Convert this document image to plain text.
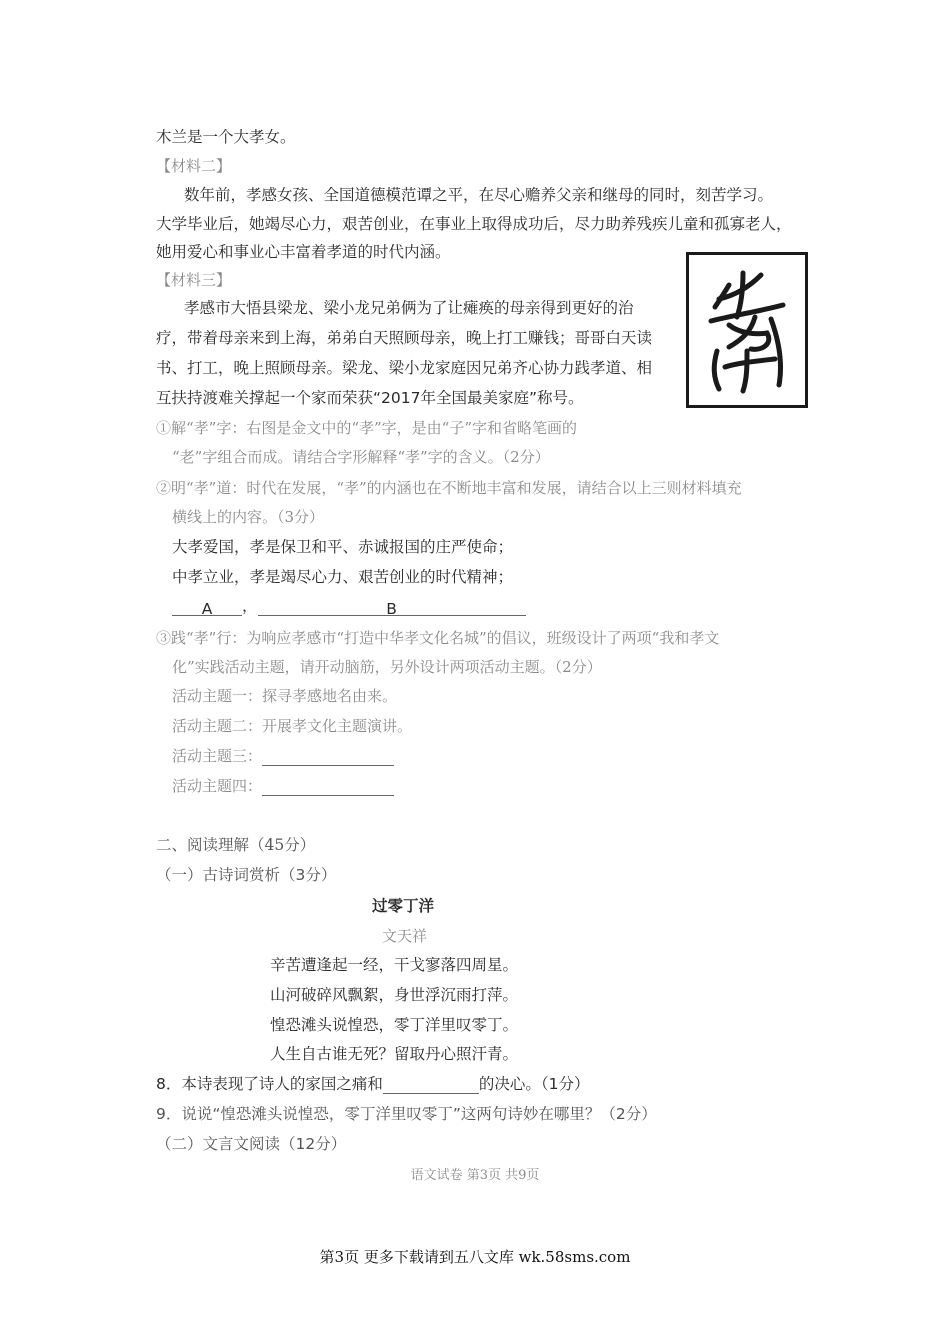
木兰是一个大孝女。
【材料二】
数年前，孝感女孩、全国道德模范谭之平，在尽心赡养父亲和继母的同时，刻苦学习。
大学毕业后，她竭尽心力，艰苦创业，在事业上取得成功后，尽力助养残疾儿童和孤寡老人，
她用爱心和事业心丰富着孝道的时代内涵。
【材料三】
孝感市大悟县梁龙、梁小龙兄弟俩为了让瘫痪的母亲得到更好的治
疗，带着母亲来到上海，弟弟白天照顾母亲，晚上打工赚钱；哥哥白天读
书、打工，晚上照顾母亲。梁龙、梁小龙家庭因兄弟齐心协力践孝道、相
互扶持渡难关撑起一个家而荣获“2017年全国最美家庭”称号。
①解“孝”字：右图是金文中的“孝”字，是由“子”字和省略笔画的
“老”字组合而成。请结合字形解释“孝”字的含义。（2分）
②明“孝”道：时代在发展，“孝”的内涵也在不断地丰富和发展，请结合以上三则材料填充
横线上的内容。（3分）
大孝爱国，孝是保卫和平、赤诚报国的庄严使命；
中孝立业，孝是竭尽心力、艰苦创业的时代精神；
A ，	B
③践“孝”行：为响应孝感市“打造中华孝文化名城”的倡议，班级设计了两项“我和孝文
化”实践活动主题，请开动脑筋，另外设计两项活动主题。（2分）
活动主题一：探寻孝感地名由来。
活动主题二：开展孝文化主题演讲。
活动主题三：
活动主题四：
二、阅读理解（45分）
（一）古诗词赏析（3分）
过零丁洋
文天祥
辛苦遭逢起一经，干戈寥落四周星。
山河破碎风飘絮，身世浮沉雨打萍。
惶恐滩头说惶恐，零丁洋里叹零丁。
人生自古谁无死？留取丹心照汗青。
8．本诗表现了诗人的家国之痛和	的决心。（1分）
9．说说“惶恐滩头说惶恐，零丁洋里叹零丁”这两句诗妙在哪里？（2分）
（二）文言文阅读（12分）
语文试卷 第3页 共9页
第3页 更多下载请到五八文库 wk.58sms.com
